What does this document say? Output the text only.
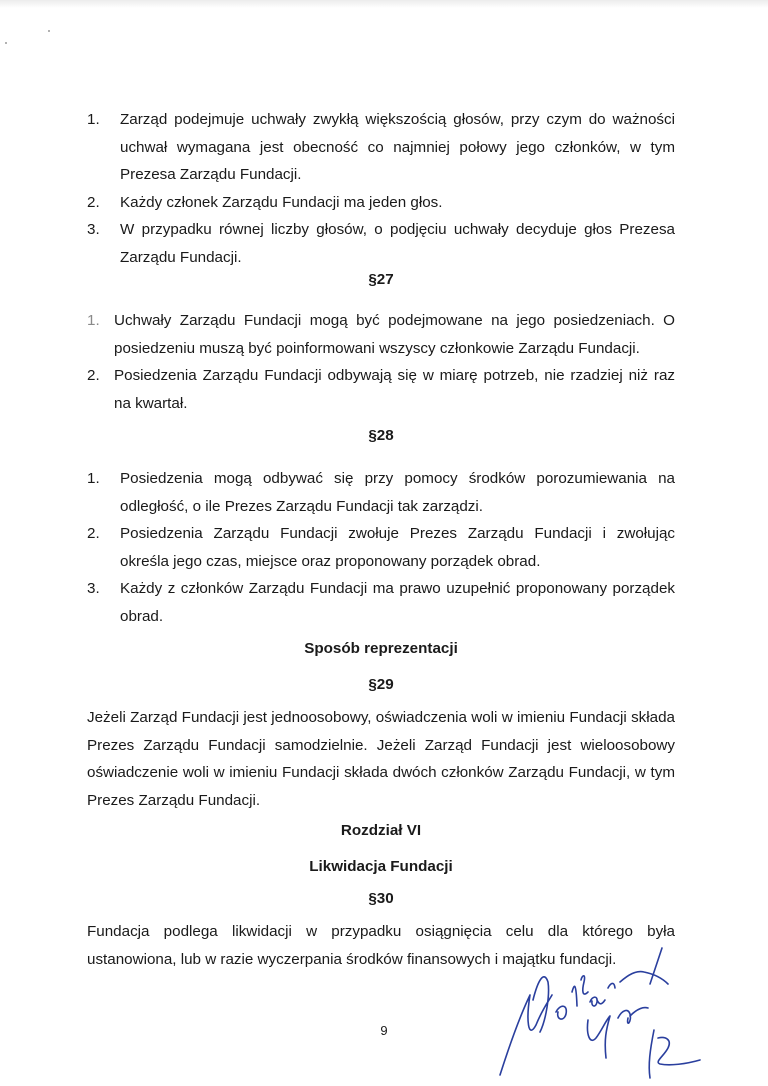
1.	Zarząd podejmuje uchwały zwykłą większością głosów, przy czym do ważności uchwał wymagana jest obecność co najmniej połowy jego członków, w tym Prezesa Zarządu Fundacji.
2.	Każdy członek Zarządu Fundacji ma jeden głos.
3.	W przypadku równej liczby głosów, o podjęciu uchwały decyduje głos Prezesa Zarządu Fundacji.
§27
1. Uchwały Zarządu Fundacji mogą być podejmowane na jego posiedzeniach. O posiedzeniu muszą być poinformowani wszyscy członkowie Zarządu Fundacji.
2. Posiedzenia Zarządu Fundacji odbywają się w miarę potrzeb, nie rzadziej niż raz na kwartał.
§28
1.	Posiedzenia mogą odbywać się przy pomocy środków porozumiewania na odległość, o ile Prezes Zarządu Fundacji tak zarządzi.
2.	Posiedzenia Zarządu Fundacji zwołuje Prezes Zarządu Fundacji i zwołując określa jego czas, miejsce oraz proponowany porządek obrad.
3.	Każdy z członków Zarządu Fundacji ma prawo uzupełnić proponowany porządek obrad.
Sposób reprezentacji
§29
Jeżeli Zarząd Fundacji jest jednoosobowy, oświadczenia woli w imieniu Fundacji składa Prezes Zarządu Fundacji samodzielnie. Jeżeli Zarząd Fundacji jest wieloosobowy oświadczenie woli w imieniu Fundacji składa dwóch członków Zarządu Fundacji, w tym Prezes Zarządu Fundacji.
Rozdział VI
Likwidacja Fundacji
§30
Fundacja podlega likwidacji w przypadku osiągnięcia celu dla którego była ustanowiona, lub w razie wyczerpania środków finansowych i majątku fundacji.
9
